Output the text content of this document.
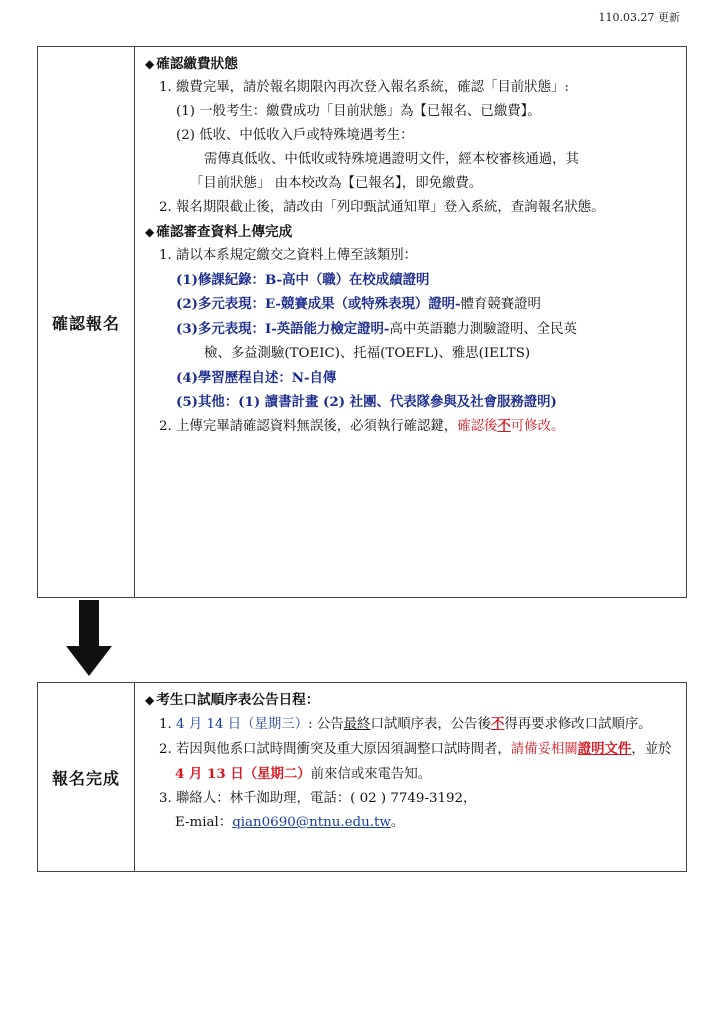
110.03.27 更新
確認報名
◆ 確認繳費狀態
1. 繳費完畢，請於報名期限內再次登入報名系統，確認「目前狀態」:
(1) 一般考生：繳費成功「目前狀態」為【已報名、已繳費】。
(2) 低收、中低收入戶或特殊境遇考生：
需傳真低收、中低收或特殊境遇證明文件，經本校審核通過，其
「目前狀態」 由本校改為【已報名】，即免繳費。
2. 報名期限截止後，請改由「列印甄試通知單」登入系統，查詢報名狀態。
◆ 確認審查資料上傳完成
1. 請以本系規定繳交之資料上傳至該類別：
(1)修課紀錄：B-高中（職）在校成績證明
(2)多元表現：E-競賽成果（或特殊表現）證明-體育競賽證明
(3)多元表現：I-英語能力檢定證明-高中英語聽力測驗證明、全民英
檢、多益測驗(TOEIC)、托福(TOEFL)、雅思(IELTS)
(4)學習歷程自述：N-自傳
(5)其他：(1) 讀書計畫 (2) 社團、代表隊參與及社會服務證明)
2. 上傳完畢請確認資料無誤後，必須執行確認鍵，確認後不可修改。
報名完成
◆ 考生口試順序表公告日程：
1. 4 月 14 日（星期三）: 公告最終口試順序表，公告後不得再要求修改口試順序。
2. 若因與他系口試時間衝突及重大原因須調整口試時間者，請備妥相關證明文件，並於 4 月 13 日（星期二）前來信或來電告知。
3. 聯絡人：林千洳助理，電話：( 02 ) 7749-3192，
E-mial：qian0690@ntnu.edu.tw。
